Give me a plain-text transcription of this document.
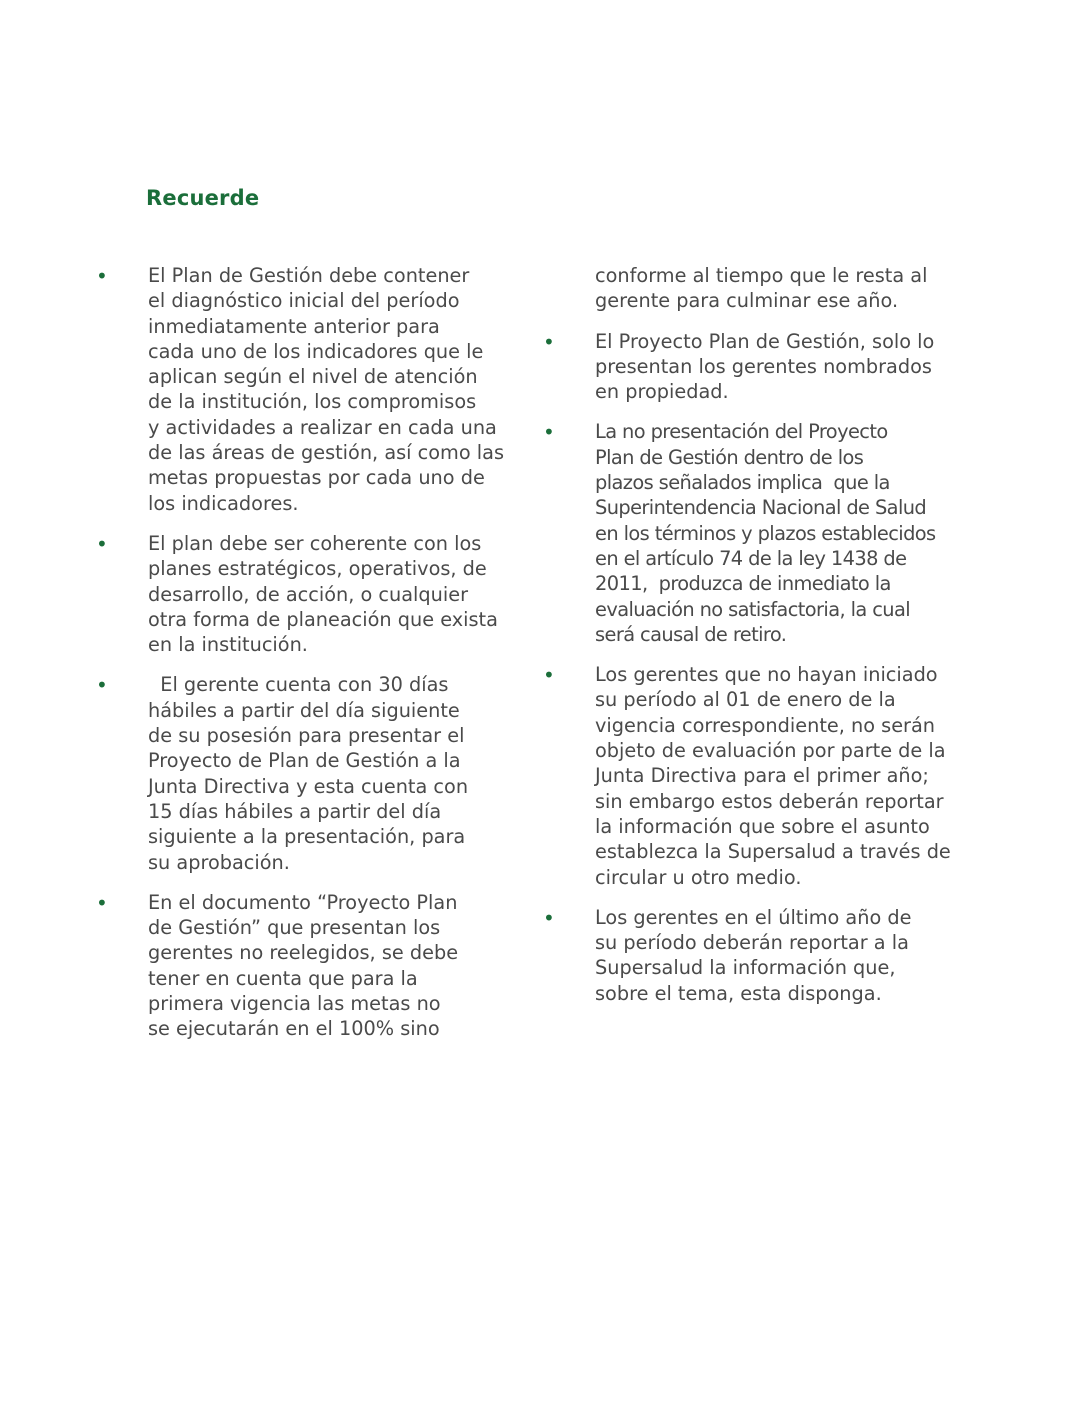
Recuerde
• El Plan de Gestión debe contener
el diagnóstico inicial del período
inmediatamente anterior para
cada uno de los indicadores que le
aplican según el nivel de atención
de la institución, los compromisos
y actividades a realizar en cada una
de las áreas de gestión, así como las
metas propuestas por cada uno de
los indicadores.
• El plan debe ser coherente con los
planes estratégicos, operativos, de
desarrollo, de acción, o cualquier
otra forma de planeación que exista
en la institución.
• El gerente cuenta con 30 días
hábiles a partir del día siguiente
de su posesión para presentar el
Proyecto de Plan de Gestión a la
Junta Directiva y esta cuenta con
15 días hábiles a partir del día
siguiente a la presentación, para
su aprobación.
• En el documento “Proyecto Plan
de Gestión” que presentan los
gerentes no reelegidos, se debe
tener en cuenta que para la
primera vigencia las metas no
se ejecutarán en el 100% sino
conforme al tiempo que le resta al
gerente para culminar ese año.
• El Proyecto Plan de Gestión, solo lo
presentan los gerentes nombrados
en propiedad.
• La no presentación del Proyecto
Plan de Gestión dentro de los
plazos señalados implica  que la
Superintendencia Nacional de Salud
en los términos y plazos establecidos
en el artículo 74 de la ley 1438 de
2011,  produzca de inmediato la
evaluación no satisfactoria, la cual
será causal de retiro.
• Los gerentes que no hayan iniciado
su período al 01 de enero de la
vigencia correspondiente, no serán
objeto de evaluación por parte de la
Junta Directiva para el primer año;
sin embargo estos deberán reportar
la información que sobre el asunto
establezca la Supersalud a través de
circular u otro medio.
• Los gerentes en el último año de
su período deberán reportar a la
Supersalud la información que,
sobre el tema, esta disponga.
